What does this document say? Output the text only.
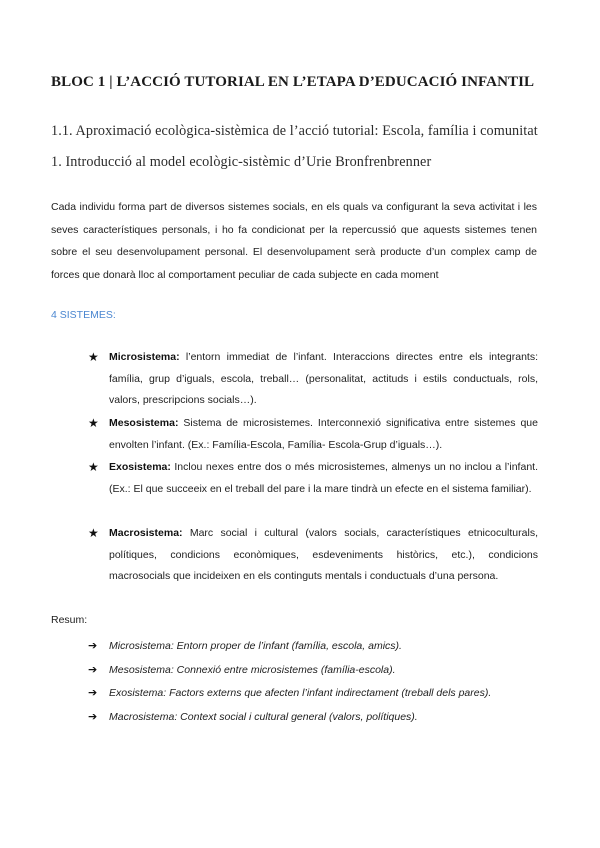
BLOC 1 | L’ACCIÓ TUTORIAL EN L’ETAPA D’EDUCACIÓ INFANTIL
1.1. Aproximació ecològica-sistèmica de l’acció tutorial: Escola, família i comunitat
1. Introducció al model ecològic-sistèmic d’Urie Bronfrenbrenner

Cada individu forma part de diversos sistemes socials, en els quals va configurant la seva activitat i les seves característiques personals, i ho fa condicionat per la repercussió que aquests sistemes tenen sobre el seu desenvolupament personal. El desenvolupament serà producte d’un complex camp de forces que donarà lloc al comportament peculiar de cada subjecte en cada moment

4 SISTEMES:
★ Microsistema: l’entorn immediat de l’infant. Interaccions directes entre els integrants: família, grup d’iguals, escola, treball… (personalitat, actituds i estils conductuals, rols, valors, prescripcions socials…).

★ Mesosistema: Sistema de microsistemes. Interconnexió significativa entre sistemes que envolten l’infant. (Ex.: Família-Escola, Família- Escola-Grup d’iguals…).

★ Exosistema: Inclou nexes entre dos o més microsistemes, almenys un no inclou a l’infant.(Ex.: El que succeeix en el treball del pare i la mare tindrà un efecte en el sistema familiar).

★ Macrosistema: Marc social i cultural (valors socials, característiques etnicoculturals, polítiques, condicions econòmiques, esdeveniments històrics, etc.), condicions macrosocials que incideixen en els continguts mentals i conductuals d’una persona.

Resum:
➔ Microsistema: Entorn proper de l’infant (família, escola, amics).
➔ Mesosistema: Connexió entre microsistemes (família-escola).
➔ Exosistema: Factors externs que afecten l’infant indirectament (treball dels pares).
➔ Macrosistema: Context social i cultural general (valors, polítiques).
